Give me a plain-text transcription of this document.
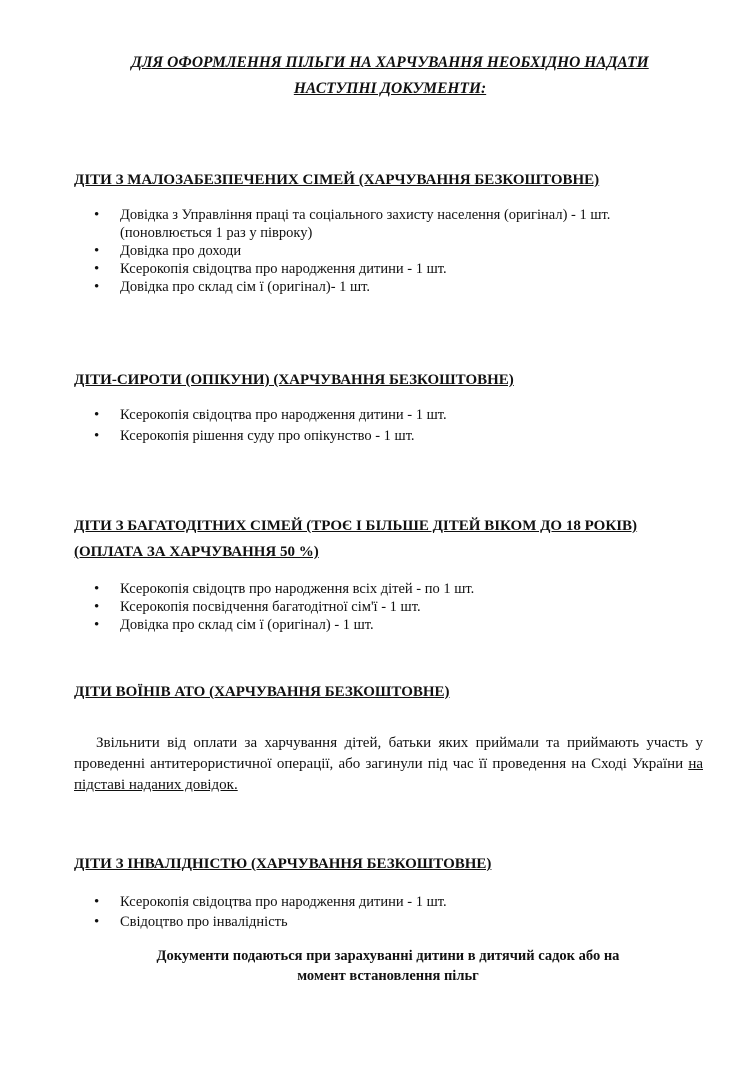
ДЛЯ ОФОРМЛЕННЯ ПІЛЬГИ НА ХАРЧУВАННЯ НЕОБХІДНО НАДАТИ
НАСТУПНІ ДОКУМЕНТИ:
ДІТИ З МАЛОЗАБЕЗПЕЧЕНИХ СІМЕЙ (ХАРЧУВАННЯ БЕЗКОШТОВНЕ)
• Довідка з Управління праці та соціального захисту населення (оригінал) - 1 шт.
(поновлюється 1 раз у півроку)
• Довідка про доходи
• Ксерокопія свідоцтва про народження дитини - 1 шт.
• Довідка про склад сім ї (оригінал)- 1 шт.
ДІТИ-СИРОТИ (ОПІКУНИ) (ХАРЧУВАННЯ БЕЗКОШТОВНЕ)
• Ксерокопія свідоцтва про народження дитини - 1 шт.
• Ксерокопія рішення суду про опікунство - 1 шт.
ДІТИ З БАГАТОДІТНИХ СІМЕЙ (ТРОЄ І БІЛЬШЕ ДІТЕЙ ВІКОМ ДО 18 РОКІВ)
(ОПЛАТА ЗА ХАРЧУВАННЯ 50 %)
• Ксерокопія свідоцтв про народження всіх дітей - по 1 шт.
• Ксерокопія посвідчення багатодітної сім'ї - 1 шт.
• Довідка про склад сім ї (оригінал) - 1 шт.
ДІТИ ВОЇНІВ АТО (ХАРЧУВАННЯ БЕЗКОШТОВНЕ)

Звільнити від оплати за харчування дітей, батьки яких приймали та приймають участь у проведенні антитерористичної операції, або загинули під час її проведення на Сході України на підставі наданих довідок.

ДІТИ З ІНВАЛІДНІСТЮ (ХАРЧУВАННЯ БЕЗКОШТОВНЕ)
• Ксерокопія свідоцтва про народження дитини - 1 шт.
• Свідоцтво про інвалідність
Документи подаються при зарахуванні дитини в дитячий садок або на
момент встановлення пільг
